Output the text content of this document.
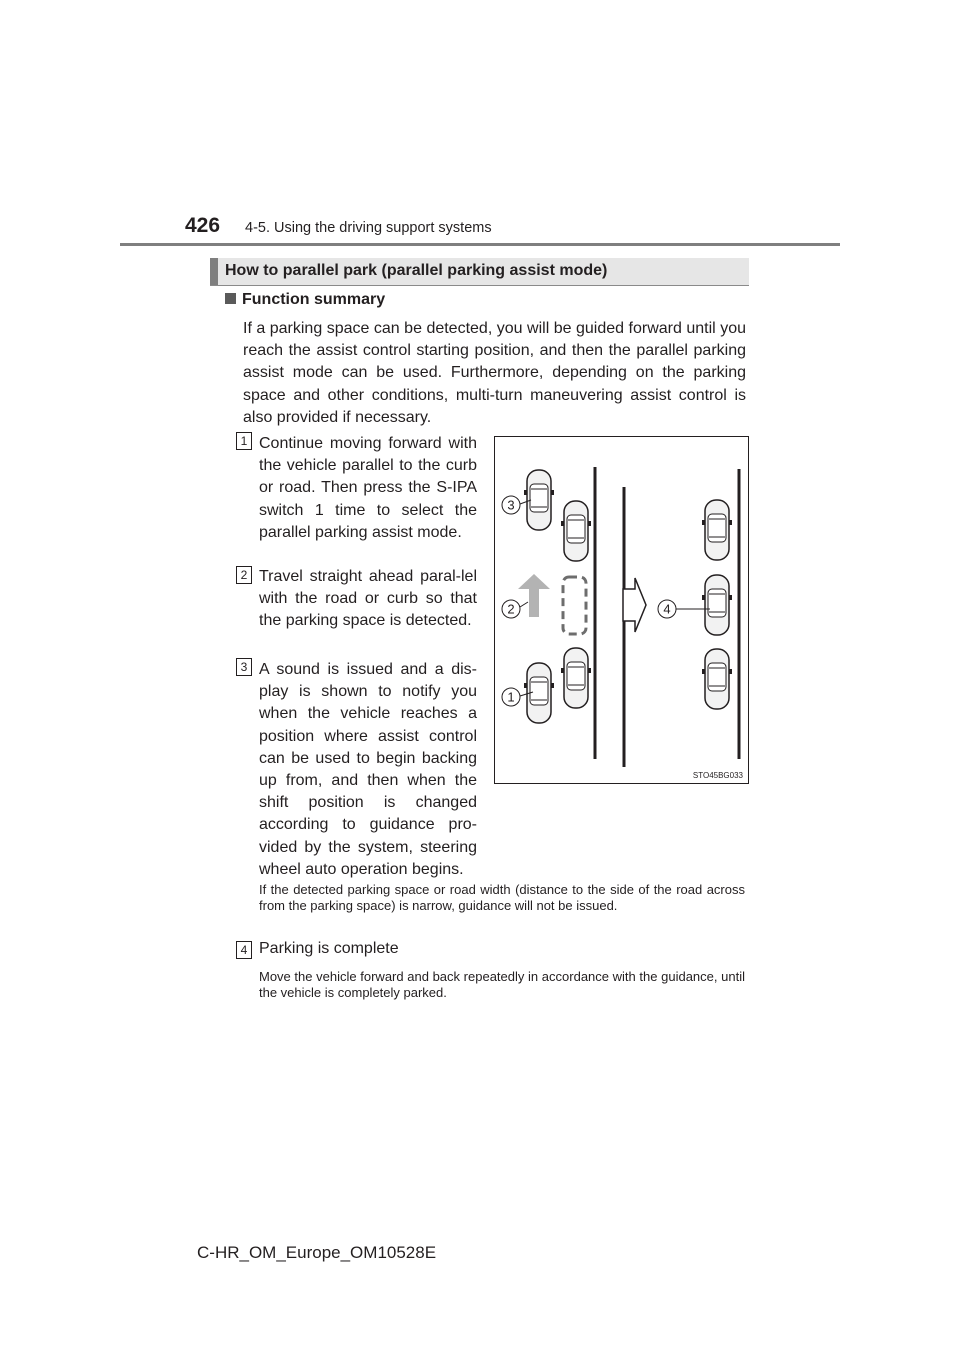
426 4-5. Using the driving support systems
How to parallel park (parallel parking assist mode)
Function summary
If a parking space can be detected, you will be guided forward until you reach the assist control starting position, and then the parallel parking assist mode can be used. Furthermore, depending on the parking space and other conditions, multi-turn maneuvering assist control is also provided if necessary.
1 Continue moving forward with the vehicle parallel to the curb or road. Then press the S-IPA switch 1 time to select the parallel parking assist mode.
2 Travel straight ahead paral-lel with the road or curb so that the parking space is detected.
3 A sound is issued and a dis-play is shown to notify you when the vehicle reaches a position where assist control can be used to begin backing up from, and then when the shift position is changed according to guidance pro-vided by the system, steering wheel auto operation begins.
If the detected parking space or road width (distance to the side of the road across from the parking space) is narrow, guidance will not be issued.
4 Parking is complete
Move the vehicle forward and back repeatedly in accordance with the guidance, until the vehicle is completely parked.
1
2
3
4
STO45BG033
C-HR_OM_Europe_OM10528E
